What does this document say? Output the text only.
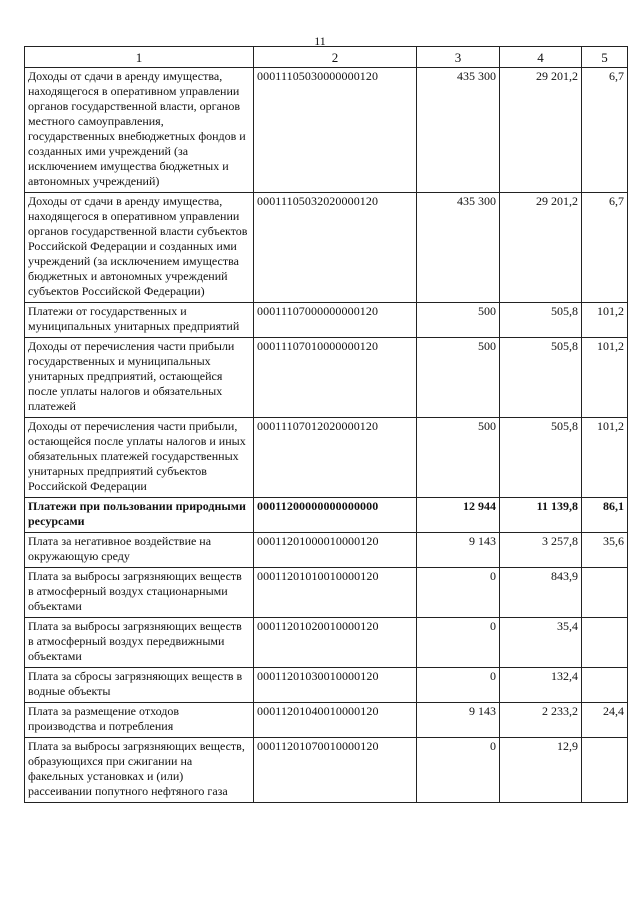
11
1	2	3	4	5
Доходы от сдачи в аренду имущества, находящегося в оперативном управлении органов государственной власти, органов местного самоуправления, государственных внебюджетных фондов и созданных ими учреждений (за исключением имущества бюджетных и автономных учреждений)	00011105030000000120	435 300	29 201,2	6,7
Доходы от сдачи в аренду имущества, находящегося в оперативном управлении органов государственной власти субъектов Российской Федерации и созданных ими учреждений (за исключением имущества бюджетных и автономных учреждений субъектов Российской Федерации)	00011105032020000120	435 300	29 201,2	6,7
Платежи от государственных и муниципальных унитарных предприятий	00011107000000000120	500	505,8	101,2
Доходы от перечисления части прибыли государственных и муниципальных унитарных предприятий, остающейся после уплаты налогов и обязательных платежей	00011107010000000120	500	505,8	101,2
Доходы от перечисления части прибыли, остающейся после уплаты налогов и иных обязательных платежей государственных унитарных предприятий субъектов Российской Федерации	00011107012020000120	500	505,8	101,2
Платежи при пользовании природными ресурсами	00011200000000000000	12 944	11 139,8	86,1
Плата за негативное воздействие на окружающую среду	00011201000010000120	9 143	3 257,8	35,6
Плата за выбросы загрязняющих веществ в атмосферный воздух стационарными объектами	00011201010010000120	0	843,9	
Плата за выбросы загрязняющих веществ в атмосферный воздух передвижными объектами	00011201020010000120	0	35,4	
Плата за сбросы загрязняющих веществ в водные объекты	00011201030010000120	0	132,4	
Плата за размещение отходов производства и потребления	00011201040010000120	9 143	2 233,2	24,4
Плата за выбросы загрязняющих веществ, образующихся при сжигании на факельных установках и (или) рассеивании попутного нефтяного газа	00011201070010000120	0	12,9	
